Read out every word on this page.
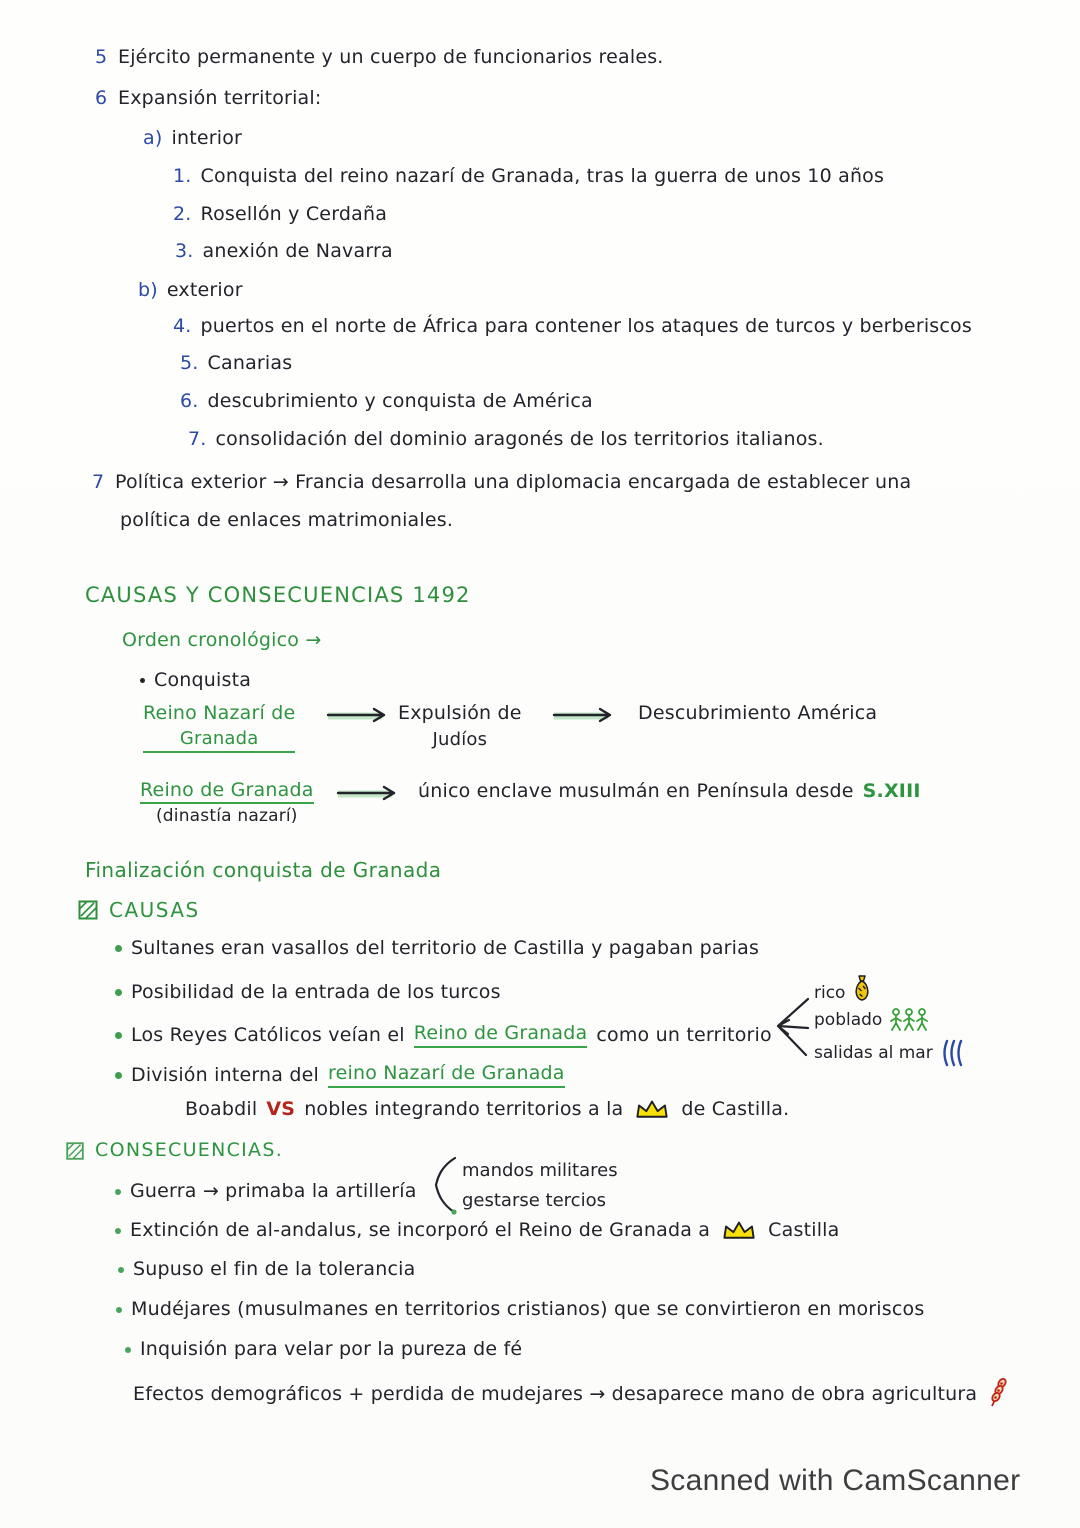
5 Ejército permanente y un cuerpo de funcionarios reales.
6 Expansión territorial:
a) interior
1. Conquista del reino nazarí de Granada, tras la guerra de unos 10 años
2. Rosellón y Cerdaña
3. anexión de Navarra
b) exterior
4. puertos en el norte de África para contener los ataques de turcos y berberiscos
5. Canarias
6. descubrimiento y conquista de América
7. consolidación del dominio aragonés de los territorios italianos.
7 Política exterior → Francia desarrolla una diplomacia encargada de establecer una
política de enlaces matrimoniales.
CAUSAS Y CONSECUENCIAS 1492
Orden cronológico →
Conquista
Reino Nazarí de
Granada
Expulsión de
Judíos
Descubrimiento América
Reino de Granada
(dinastía nazarí)
único enclave musulmán en Península desde S.XIII
Finalización conquista de Granada
CAUSAS
Sultanes eran vasallos del territorio de Castilla y pagaban parias
Posibilidad de la entrada de los turcos
Los Reyes Católicos veían el Reino de Granada como un territorio
rico
poblado
salidas al mar
División interna del reino Nazarí de Granada
Boabdil VS nobles integrando territorios a la	de Castilla.
CONSECUENCIAS.
Guerra → primaba la artillería
mandos militares
gestarse tercios
Extinción de al-andalus, se incorporó el Reino de Granada a	Castilla
Supuso el fin de la tolerancia
Mudéjares (musulmanes en territorios cristianos) que se convirtieron en moriscos
Inquisión para velar por la pureza de fé
Efectos demográficos + perdida de mudejares → desaparece mano de obra agricultura
Scanned with CamScanner
